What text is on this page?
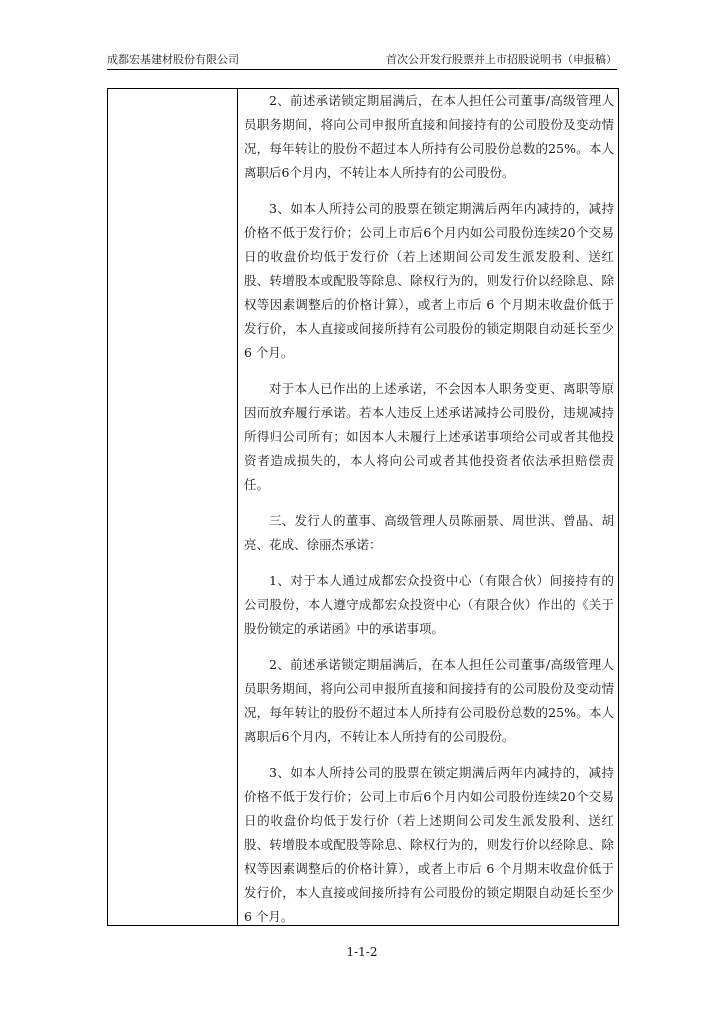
成都宏基建材股份有限公司	首次公开发行股票并上市招股说明书（申报稿）

2、前述承诺锁定期届满后，在本人担任公司董事/高级管理人员职务期间，将向公司申报所直接和间接持有的公司股份及变动情况，每年转让的股份不超过本人所持有公司股份总数的25%。本人离职后6个月内，不转让本人所持有的公司股份。

3、如本人所持公司的股票在锁定期满后两年内减持的，减持价格不低于发行价；公司上市后6个月内如公司股份连续20个交易日的收盘价均低于发行价（若上述期间公司发生派发股利、送红股、转增股本或配股等除息、除权行为的，则发行价以经除息、除权等因素调整后的价格计算），或者上市后 6 个月期末收盘价低于发行价，本人直接或间接所持有公司股份的锁定期限自动延长至少 6 个月。

对于本人已作出的上述承诺，不会因本人职务变更、离职等原因而放弃履行承诺。若本人违反上述承诺减持公司股份，违规减持所得归公司所有；如因本人未履行上述承诺事项给公司或者其他投资者造成损失的，本人将向公司或者其他投资者依法承担赔偿责任。

三、发行人的董事、高级管理人员陈丽景、周世洪、曾晶、胡亮、花成、徐丽杰承诺：

1、对于本人通过成都宏众投资中心（有限合伙）间接持有的公司股份，本人遵守成都宏众投资中心（有限合伙）作出的《关于股份锁定的承诺函》中的承诺事项。

2、前述承诺锁定期届满后，在本人担任公司董事/高级管理人员职务期间，将向公司申报所直接和间接持有的公司股份及变动情况，每年转让的股份不超过本人所持有公司股份总数的25%。本人离职后6个月内，不转让本人所持有的公司股份。

3、如本人所持公司的股票在锁定期满后两年内减持的，减持价格不低于发行价；公司上市后6个月内如公司股份连续20个交易日的收盘价均低于发行价（若上述期间公司发生派发股利、送红股、转增股本或配股等除息、除权行为的，则发行价以经除息、除权等因素调整后的价格计算），或者上市后 6 个月期末收盘价低于发行价，本人直接或间接所持有公司股份的锁定期限自动延长至少 6 个月。

1-1-2
